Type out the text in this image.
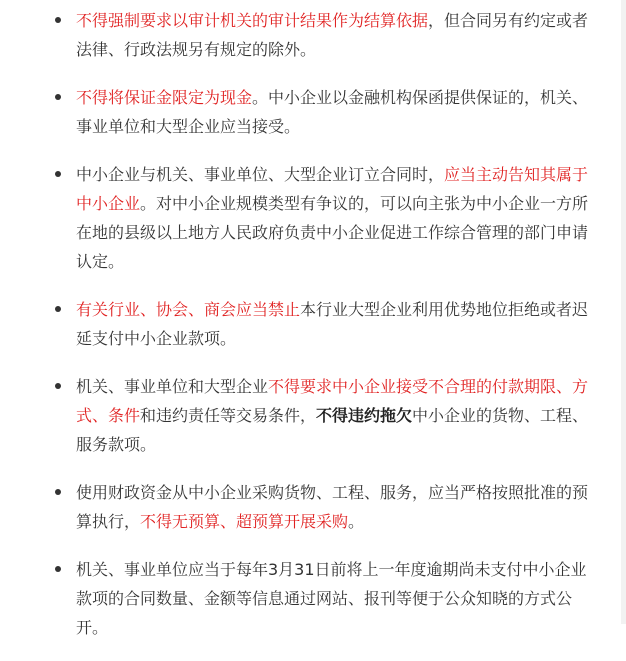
不得强制要求以审计机关的审计结果作为结算依据，但合同另有约定或者法律、行政法规另有规定的除外。
不得将保证金限定为现金。中小企业以金融机构保函提供保证的，机关、事业单位和大型企业应当接受。
中小企业与机关、事业单位、大型企业订立合同时，应当主动告知其属于中小企业。对中小企业规模类型有争议的，可以向主张为中小企业一方所在地的县级以上地方人民政府负责中小企业促进工作综合管理的部门申请认定。
有关行业、协会、商会应当禁止本行业大型企业利用优势地位拒绝或者迟延支付中小企业款项。
机关、事业单位和大型企业不得要求中小企业接受不合理的付款期限、方式、条件和违约责任等交易条件，不得违约拖欠中小企业的货物、工程、服务款项。
使用财政资金从中小企业采购货物、工程、服务，应当严格按照批准的预算执行，不得无预算、超预算开展采购。
机关、事业单位应当于每年3月31日前将上一年度逾期尚未支付中小企业款项的合同数量、金额等信息通过网站、报刊等便于公众知晓的方式公开。
